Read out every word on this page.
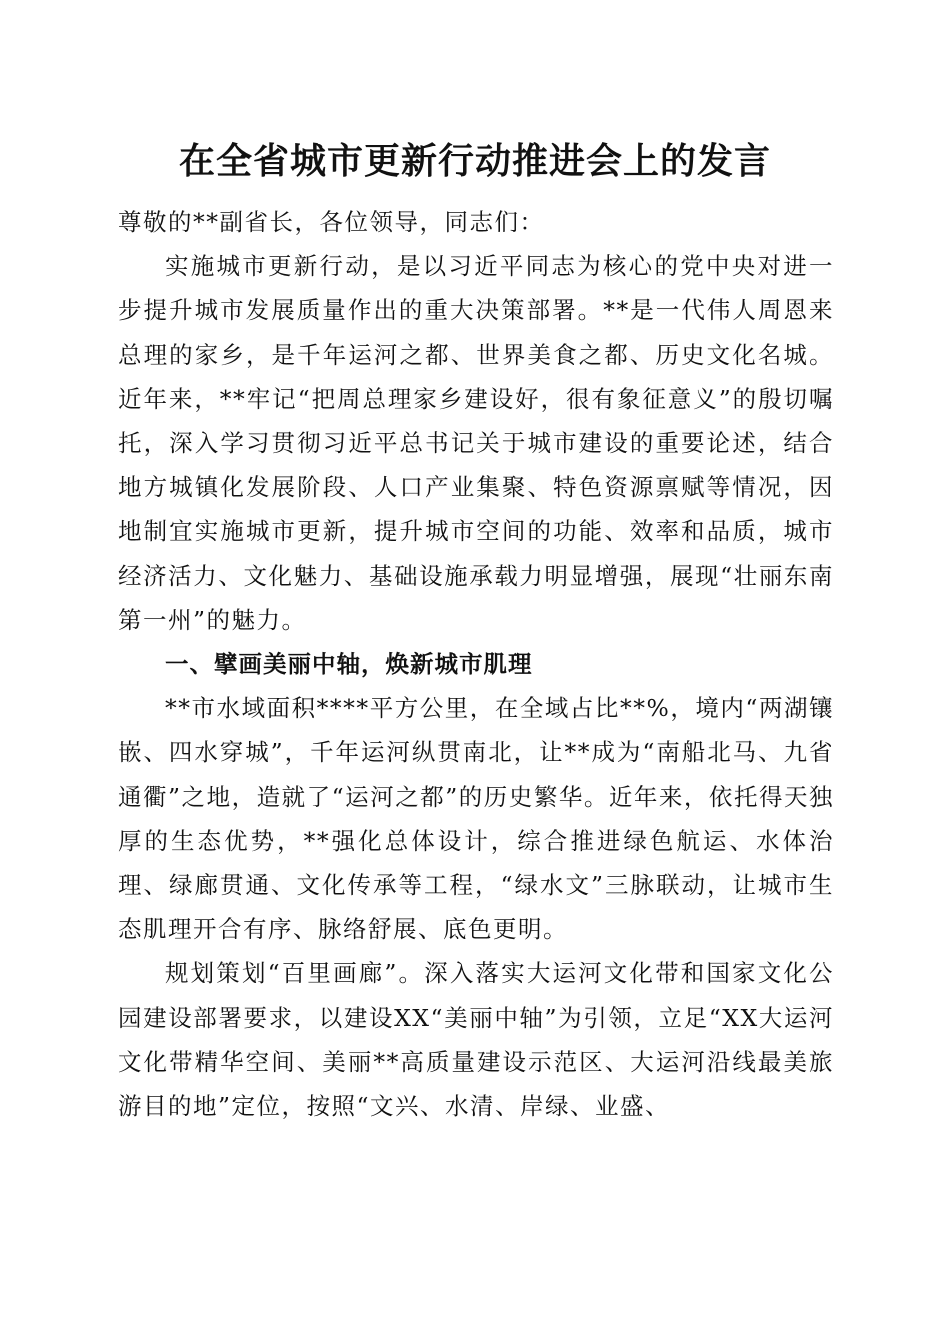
在全省城市更新行动推进会上的发言

尊敬的**副省长，各位领导，同志们：

实施城市更新行动，是以习近平同志为核心的党中央对进一步提升城市发展质量作出的重大决策部署。**是一代伟人周恩来总理的家乡，是千年运河之都、世界美食之都、历史文化名城。近年来，**牢记“把周总理家乡建设好，很有象征意义”的殷切嘱托，深入学习贯彻习近平总书记关于城市建设的重要论述，结合地方城镇化发展阶段、人口产业集聚、特色资源禀赋等情况，因地制宜实施城市更新，提升城市空间的功能、效率和品质，城市经济活力、文化魅力、基础设施承载力明显增强，展现“壮丽东南第一州”的魅力。

一、擘画美丽中轴，焕新城市肌理

**市水域面积****平方公里，在全域占比**%，境内“两湖镶嵌、四水穿城”，千年运河纵贯南北，让**成为“南船北马、九省通衢”之地，造就了“运河之都”的历史繁华。近年来，依托得天独厚的生态优势，**强化总体设计，综合推进绿色航运、水体治理、绿廊贯通、文化传承等工程，“绿水文”三脉联动，让城市生态肌理开合有序、脉络舒展、底色更明。

规划策划“百里画廊”。深入落实大运河文化带和国家文化公园建设部署要求，以建设XX“美丽中轴”为引领，立足“XX大运河文化带精华空间、美丽**高质量建设示范区、大运河沿线最美旅游目的地”定位，按照“文兴、水清、岸绿、业盛、
